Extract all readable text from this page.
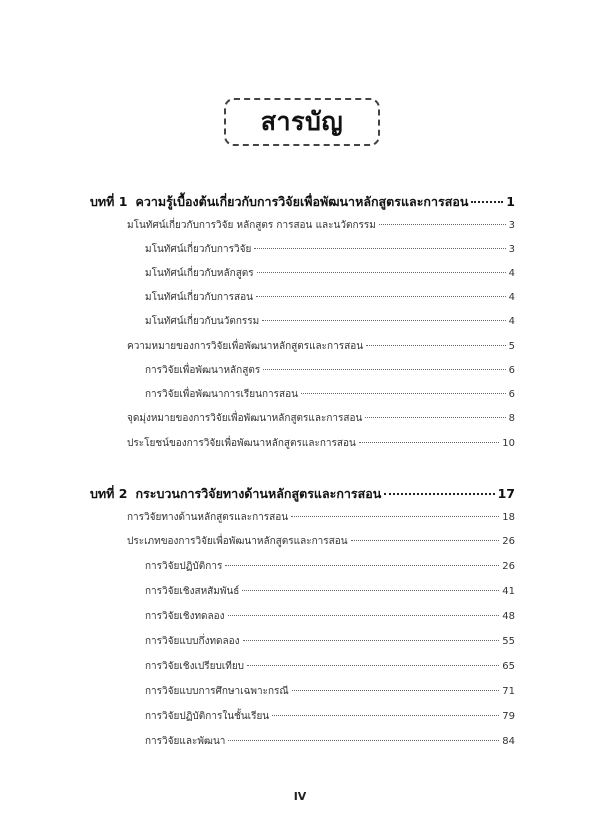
สารบัญ
บทที่ 1 ความรู้เบื้องต้นเกี่ยวกับการวิจัยเพื่อพัฒนาหลักสูตรและการสอน	1
มโนทัศน์เกี่ยวกับการวิจัย หลักสูตร การสอน และนวัตกรรม	3
มโนทัศน์เกี่ยวกับการวิจัย	3
มโนทัศน์เกี่ยวกับหลักสูตร	4
มโนทัศน์เกี่ยวกับการสอน	4
มโนทัศน์เกี่ยวกับนวัตกรรม	4
ความหมายของการวิจัยเพื่อพัฒนาหลักสูตรและการสอน	5
การวิจัยเพื่อพัฒนาหลักสูตร	6
การวิจัยเพื่อพัฒนาการเรียนการสอน	6
จุดมุ่งหมายของการวิจัยเพื่อพัฒนาหลักสูตรและการสอน	8
ประโยชน์ของการวิจัยเพื่อพัฒนาหลักสูตรและการสอน	10
บทที่ 2 กระบวนการวิจัยทางด้านหลักสูตรและการสอน	17
การวิจัยทางด้านหลักสูตรและการสอน	18
ประเภทของการวิจัยเพื่อพัฒนาหลักสูตรและการสอน	26
การวิจัยปฏิบัติการ	26
การวิจัยเชิงสหสัมพันธ์	41
การวิจัยเชิงทดลอง	48
การวิจัยแบบกึ่งทดลอง	55
การวิจัยเชิงเปรียบเทียบ	65
การวิจัยแบบการศึกษาเฉพาะกรณี	71
การวิจัยปฏิบัติการในชั้นเรียน	79
การวิจัยและพัฒนา	84
IV
